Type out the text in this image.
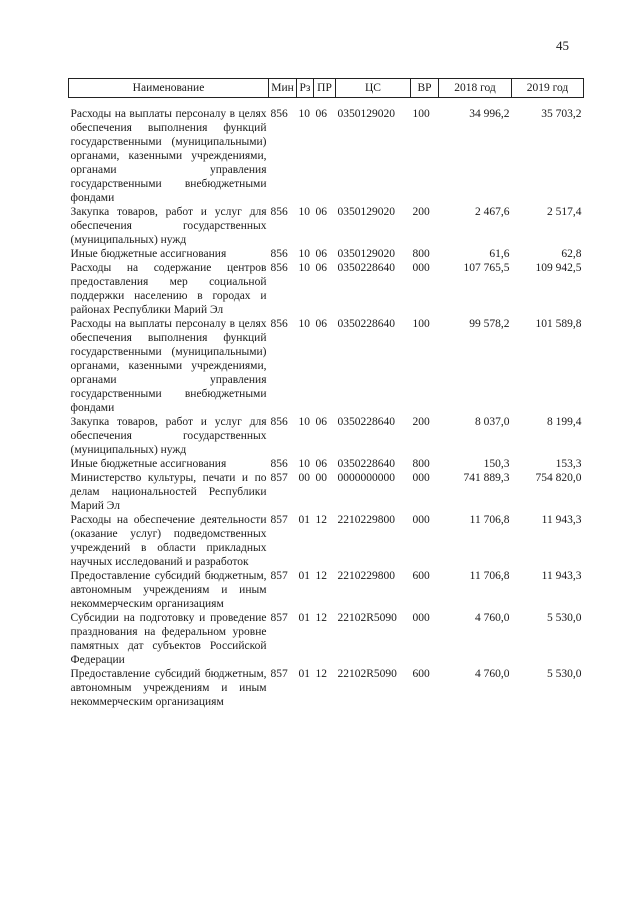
45
Наименование	Мин	Рз	ПР	ЦС	ВР	2018 год	2019 год
Расходы на выплаты персоналу в целях обеспечения выполнения функций государственными (муниципальными) органами, казенными учреждениями, органами управления государственными внебюджетными фондами	856	10	06	0350129020	100	34 996,2	35 703,2
Закупка товаров, работ и услуг для обеспечения государственных (муниципальных) нужд	856	10	06	0350129020	200	2 467,6	2 517,4
Иные бюджетные ассигнования	856	10	06	0350129020	800	61,6	62,8
Расходы на содержание центров предоставления мер социальной поддержки населению в городах и районах Республики Марий Эл	856	10	06	0350228640	000	107 765,5	109 942,5
Расходы на выплаты персоналу в целях обеспечения выполнения функций государственными (муниципальными) органами, казенными учреждениями, органами управления государственными внебюджетными фондами	856	10	06	0350228640	100	99 578,2	101 589,8
Закупка товаров, работ и услуг для обеспечения государственных (муниципальных) нужд	856	10	06	0350228640	200	8 037,0	8 199,4
Иные бюджетные ассигнования	856	10	06	0350228640	800	150,3	153,3
Министерство культуры, печати и по делам национальностей Республики Марий Эл	857	00	00	0000000000	000	741 889,3	754 820,0
Расходы на обеспечение деятельности (оказание услуг) подведомственных учреждений в области прикладных научных исследований и разработок	857	01	12	2210229800	000	11 706,8	11 943,3
Предоставление субсидий бюджетным, автономным учреждениям и иным некоммерческим организациям	857	01	12	2210229800	600	11 706,8	11 943,3
Субсидии на подготовку и проведение празднования на федеральном уровне памятных дат субъектов Российской Федерации	857	01	12	22102R5090	000	4 760,0	5 530,0
Предоставление субсидий бюджетным, автономным учреждениям и иным некоммерческим организациям	857	01	12	22102R5090	600	4 760,0	5 530,0
